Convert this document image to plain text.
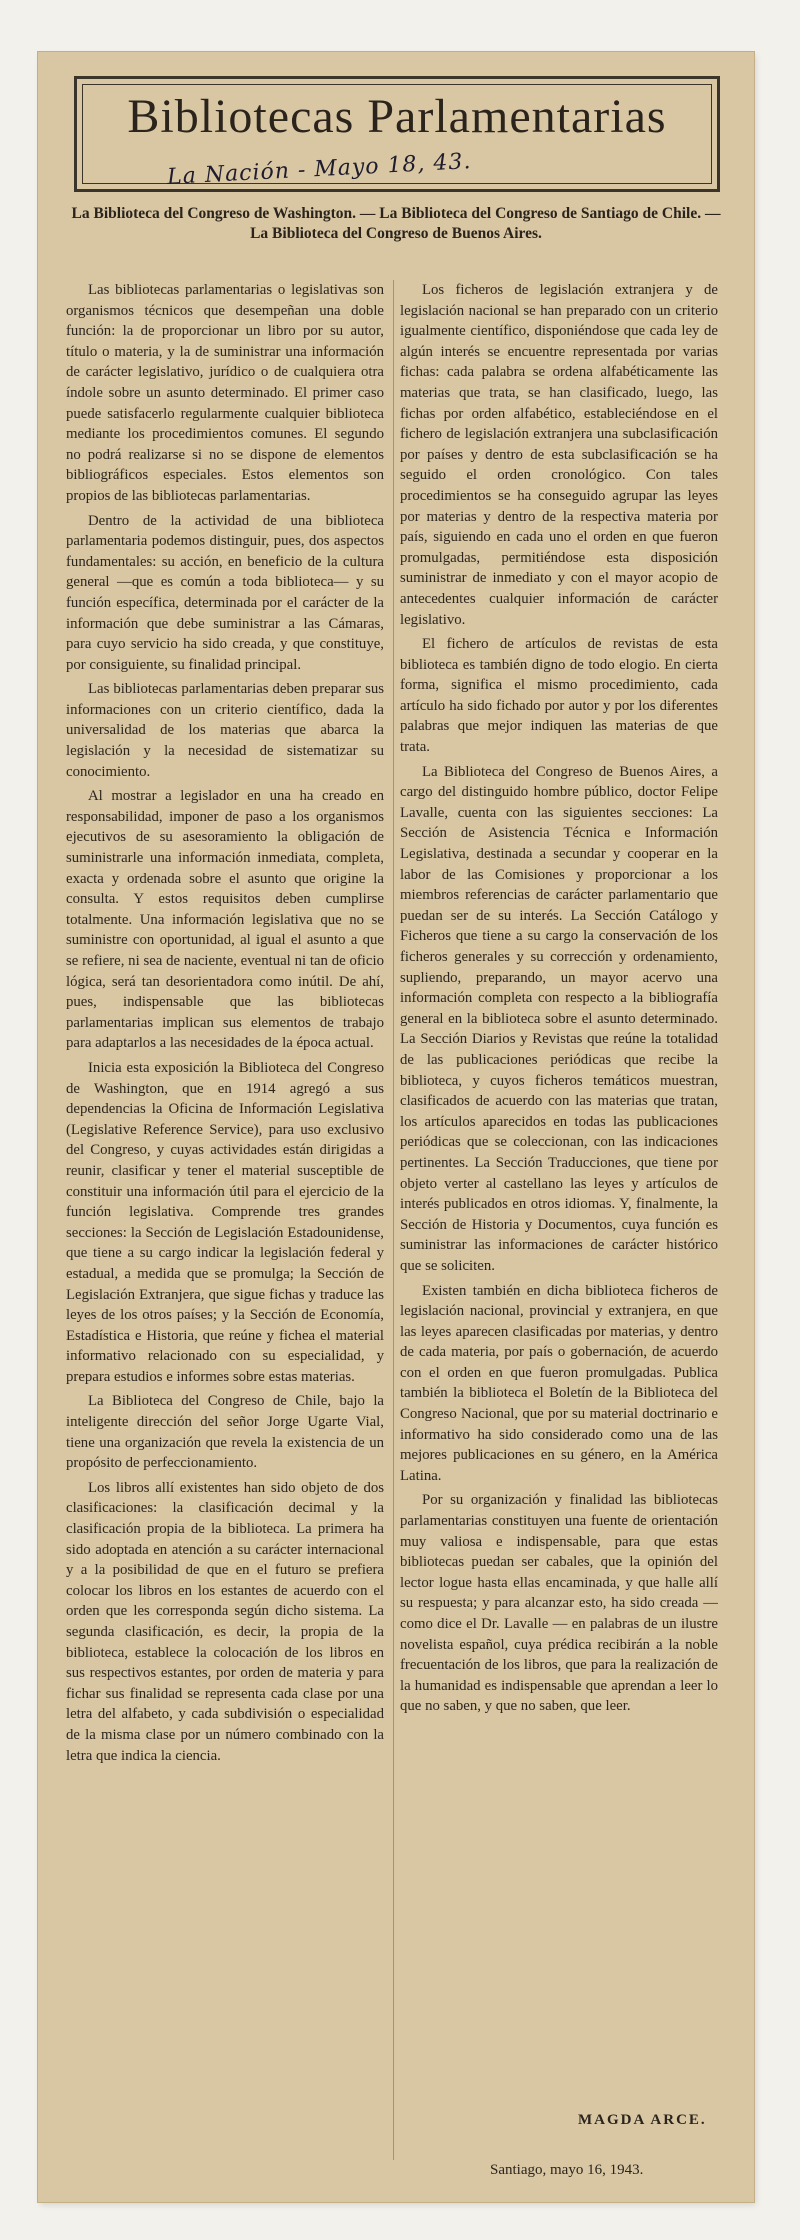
Bibliotecas Parlamentarias
La Nación - Mayo 18, 43.
La Biblioteca del Congreso de Washington. — La Biblioteca del Congreso de Santiago de Chile. — La Biblioteca del Congreso de Buenos Aires.

Las bibliotecas parlamentarias o legislativas son organismos técnicos que desempeñan una doble función: la de proporcionar un libro por su autor, título o materia, y la de suministrar una información de carácter legislativo, jurídico o de cualquiera otra índole sobre un asunto determinado. El primer caso puede satisfacerlo regularmente cualquier biblioteca mediante los procedimientos comunes. El segundo no podrá realizarse si no se dispone de elementos bibliográficos especiales. Estos elementos son propios de las bibliotecas parlamentarias.

Dentro de la actividad de una biblioteca parlamentaria podemos distinguir, pues, dos aspectos fundamentales: su acción, en beneficio de la cultura general —que es común a toda biblioteca— y su función específica, determinada por el carácter de la información que debe suministrar a las Cámaras, para cuyo servicio ha sido creada, y que constituye, por consiguiente, su finalidad principal.

Las bibliotecas parlamentarias deben preparar sus informaciones con un criterio científico, dada la universalidad de los materias que abarca la legislación y la necesidad de sistematizar su conocimiento.

Al mostrar a legislador en una ha creado en responsabilidad, imponer de paso a los organismos ejecutivos de su asesoramiento la obligación de suministrarle una información inmediata, completa, exacta y ordenada sobre el asunto que origine la consulta. Y estos requisitos deben cumplirse totalmente. Una información legislativa que no se suministre con oportunidad, al igual el asunto a que se refiere, ni sea de naciente, eventual ni tan de oficio lógica, será tan desorientadora como inútil. De ahí, pues, indispensable que las bibliotecas parlamentarias implican sus elementos de trabajo para adaptarlos a las necesidades de la época actual.

Inicia esta exposición la Biblioteca del Congreso de Washington, que en 1914 agregó a sus dependencias la Oficina de Información Legislativa (Legislative Reference Service), para uso exclusivo del Congreso, y cuyas actividades están dirigidas a reunir, clasificar y tener el material susceptible de constituir una información útil para el ejercicio de la función legislativa. Comprende tres grandes secciones: la Sección de Legislación Estadounidense, que tiene a su cargo indicar la legislación federal y estadual, a medida que se promulga; la Sección de Legislación Extranjera, que sigue fichas y traduce las leyes de los otros países; y la Sección de Economía, Estadística e Historia, que reúne y fichea el material informativo relacionado con su especialidad, y prepara estudios e informes sobre estas materias.

La Biblioteca del Congreso de Chile, bajo la inteligente dirección del señor Jorge Ugarte Vial, tiene una organización que revela la existencia de un propósito de perfeccionamiento.

Los libros allí existentes han sido objeto de dos clasificaciones: la clasificación decimal y la clasificación propia de la biblioteca. La primera ha sido adoptada en atención a su carácter internacional y a la posibilidad de que en el futuro se prefiera colocar los libros en los estantes de acuerdo con el orden que les corresponda según dicho sistema. La segunda clasificación, es decir, la propia de la biblioteca, establece la colocación de los libros en sus respectivos estantes, por orden de materia y para fichar sus finalidad se representa cada clase por una letra del alfabeto, y cada subdivisión o especialidad de la misma clase por un número combinado con la letra que indica la ciencia.

Los ficheros de legislación extranjera y de legislación nacional se han preparado con un criterio igualmente científico, disponiéndose que cada ley de algún interés se encuentre representada por varias fichas: cada palabra se ordena alfabéticamente las materias que trata, se han clasificado, luego, las fichas por orden alfabético, estableciéndose en el fichero de legislación extranjera una subclasificación por países y dentro de esta subclasificación se ha seguido el orden cronológico. Con tales procedimientos se ha conseguido agrupar las leyes por materias y dentro de la respectiva materia por país, siguiendo en cada uno el orden en que fueron promulgadas, permitiéndose esta disposición suministrar de inmediato y con el mayor acopio de antecedentes cualquier información de carácter legislativo.

El fichero de artículos de revistas de esta biblioteca es también digno de todo elogio. En cierta forma, significa el mismo procedimiento, cada artículo ha sido fichado por autor y por los diferentes palabras que mejor indiquen las materias de que trata.

La Biblioteca del Congreso de Buenos Aires, a cargo del distinguido hombre público, doctor Felipe Lavalle, cuenta con las siguientes secciones: La Sección de Asistencia Técnica e Información Legislativa, destinada a secundar y cooperar en la labor de las Comisiones y proporcionar a los miembros referencias de carácter parlamentario que puedan ser de su interés. La Sección Catálogo y Ficheros que tiene a su cargo la conservación de los ficheros generales y su corrección y ordenamiento, supliendo, preparando, un mayor acervo una información completa con respecto a la bibliografía general en la biblioteca sobre el asunto determinado. La Sección Diarios y Revistas que reúne la totalidad de las publicaciones periódicas que recibe la biblioteca, y cuyos ficheros temáticos muestran, clasificados de acuerdo con las materias que tratan, los artículos aparecidos en todas las publicaciones periódicas que se coleccionan, con las indicaciones pertinentes. La Sección Traducciones, que tiene por objeto verter al castellano las leyes y artículos de interés publicados en otros idiomas. Y, finalmente, la Sección de Historia y Documentos, cuya función es suministrar las informaciones de carácter histórico que se soliciten.

Existen también en dicha biblioteca ficheros de legislación nacional, provincial y extranjera, en que las leyes aparecen clasificadas por materias, y dentro de cada materia, por país o gobernación, de acuerdo con el orden en que fueron promulgadas. Publica también la biblioteca el Boletín de la Biblioteca del Congreso Nacional, que por su material doctrinario e informativo ha sido considerado como una de las mejores publicaciones en su género, en la América Latina.

Por su organización y finalidad las bibliotecas parlamentarias constituyen una fuente de orientación muy valiosa e indispensable, para que estas bibliotecas puedan ser cabales, que la opinión del lector logue hasta ellas encaminada, y que halle allí su respuesta; y para alcanzar esto, ha sido creada — como dice el Dr. Lavalle — en palabras de un ilustre novelista español, cuya prédica recibirán a la noble frecuentación de los libros, que para la realización de la humanidad es indispensable que aprendan a leer lo que no saben, y que no saben, que leer.

MAGDA ARCE.
Santiago, mayo 16, 1943.
